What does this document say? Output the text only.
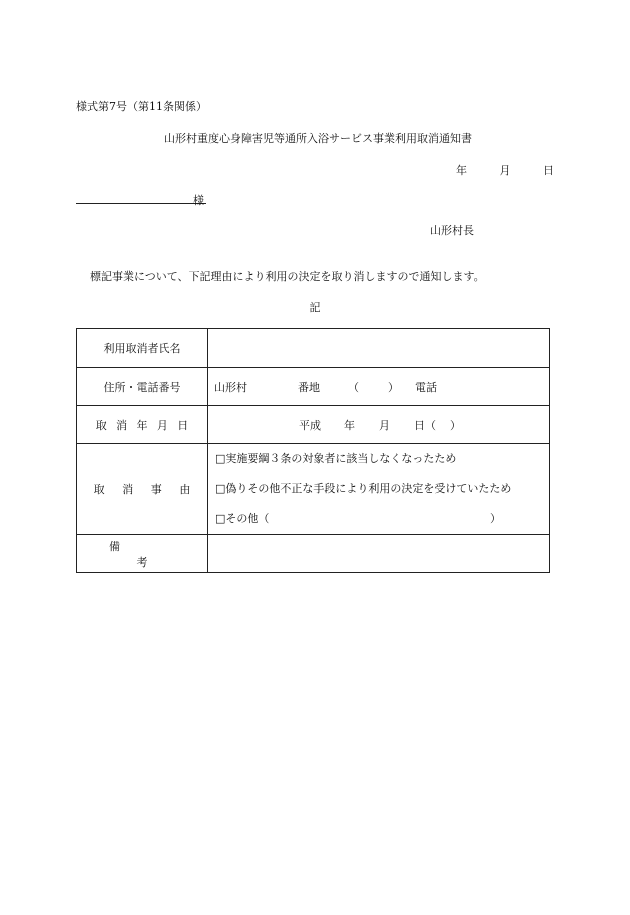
様式第7号（第11条関係）
山形村重度心身障害児等通所入浴サービス事業利用取消通知書
年	月	日
様
山形村長
標記事業について、下記理由により利用の決定を取り消しますので通知します。
記
利用取消者氏名	
住所・電話番号	山形村 番地 （ ） 電話

取消年月日	平成 年 月 日（ ）

取消事由	□実施要綱３条の対象者に該当しなくなったため
□偽りその他不正な手段により利用の決定を受けていたため
□その他（ ）

備考	
